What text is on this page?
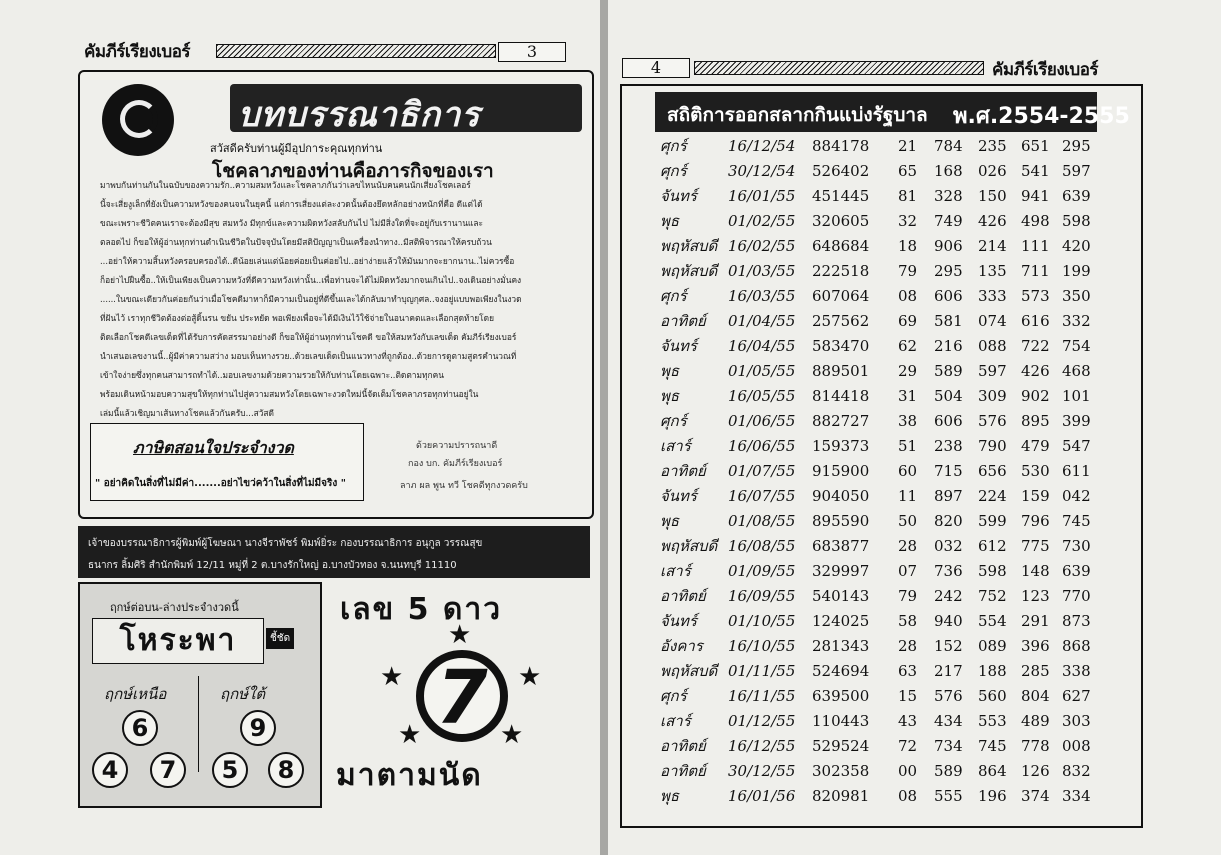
คัมภีร์เรียงเบอร์	3
บทบรรณาธิการ
สวัสดีครับท่านผู้มีอุปการะคุณทุกท่าน
โชคลาภของท่านคือภารกิจของเรา
มาพบกันท่านกันในฉบับของความรัก..ความสมหวังและโชคลาภกันว่าเลขไหนนับคนคนนักเสี่ยงโชคเลอร์
นี้จะเสี่ยงูเล็กที่ยังเป็นความหวังของคนจนในยุคนี้ แต่การเสี่ยงแต่ละงวดนั้นต้องยึดหลักอย่างหนักที่คือ ดีแต่ได้
ขณะเพราะชีวิตคนเราจะต้องมีสุข สมหวัง มีทุกข์และความผิดหวังสลับกันไป ไม่มีสิ่งใดที่จะอยู่กับเรานานและ
ตลอดไป ก็ขอให้ผู้อ่านทุกท่านดำเนินชีวิตในปัจจุบันโดยมีสติปัญญาเป็นเครื่องนำทาง..มีสติพิจารณาให้ครบถ้วน
...อย่าให้ความสิ้นหวังครอบครองได้..ดีน้อยเล่นแต่น้อยค่อยเป็นค่อยไป..อย่าง่ายแล้วให้มันมากจะยากนาน..ไม่ควรซื้อ
ก็อย่าไปฝืนซื้อ..ให้เป็นเพียงเป็นความหวังที่ดีความหวังเท่านั้น..เพื่อท่านจะได้ไม่ผิดหวังมากจนเกินไป..จงเดินอย่างมั่นคง
......ในขณะเดียวกันค่อยกันว่าเมื่อโชคดีมาหาก็มีความเป็นอยู่ที่ดีขึ้นและได้กลับมาทำบุญกุศล..จงอยู่แบบพอเพียงในงวด
ที่ฝันไว้ เราทุกชีวิตต้องต่อสู้ดิ้นรน ขยัน ประหยัด พอเพียงเพื่อจะได้มีเงินไว้ใช้จ่ายในอนาคตและเลือกสุดท้ายโดย
ติดเลือกโชคดีเลขเด็ดที่ได้รับการคัดสรรมาอย่างดี ก็ขอให้ผู้อ่านทุกท่านโชคดี ขอให้สมหวังกับเลขเด็ด คัมภีร์เรียงเบอร์
นำเสนอเลขงานนี้..ผู้มีค่าความสว่าง มอบเห็นทางรวย..ด้วยเลขเด็ดเป็นแนวทางที่ถูกต้อง..ด้วยการดูตามสูตรคำนวณที่
เข้าใจง่ายซึ่งทุกคนสามารถทำได้..มอบเลขงามด้วยความรวยให้กับท่านโดยเฉพาะ..ติดตามทุกคน
พร้อมเดินหน้ามอบความสุขให้ทุกท่านไปสู่ความสมหวังโดยเฉพาะงวดใหม่นี้จัดเต็มโชคลาภรอทุกท่านอยู่ใน
เล่มนี้แล้วเชิญมาเส้นทางโชคแล้วกันครับ...สวัสดี
ภาษิตสอนใจประจำงวด
" อย่าคิดในสิ่งที่ไม่มีค่า.......อย่าไขว่คว้าในสิ่งที่ไม่มีจริง "
ด้วยความปรารถนาดี
กอง บก. คัมภีร์เรียงเบอร์
ลาภ ผล พูน ทวี โชคดีทุกงวดครับ
เจ้าของบรรณาธิการผู้พิมพ์ผู้โฆษณา นางจีราพัชร์ พิมพ์ยิ่ระ กองบรรณาธิการ อนุกูล วรรณสุข
ธนากร ลิ้มศิริ สำนักพิมพ์ 12/11 หมู่ที่ 2 ต.บางรักใหญ่ อ.บางบัวทอง จ.นนทบุรี 11110
ฤกษ์ต่อบน-ล่างประจำงวดนี้
โหระพา	ชี้ชัด
ฤกษ์เหนือ	ฤกษ์ใต้
6
4	7
9
5	8
เลข 5 ดาว
★
★	★
★	★
7
มาตามนัด
4	คัมภีร์เรียงเบอร์
สถิติการออกสลากกินแบ่งรัฐบาล พ.ศ.2554-2555
ศุกร์	16/12/54 884178 21 784 235 651 295
ศุกร์	30/12/54 526402 65 168 026 541 597
จันทร์ 16/01/55 451445 81 328 150 941 639
พุธ	01/02/55 320605 32 749 426 498 598
พฤหัสบดี 16/02/55 648684 18 906 214 111 420
พฤหัสบดี 01/03/55 222518 79 295 135 711 199
ศุกร์	16/03/55 607064 08 606 333 573 350
อาทิตย์ 01/04/55 257562 69 581 074 616 332
จันทร์ 16/04/55 583470 62 216 088 722 754
พุธ	01/05/55 889501 29 589 597 426 468
พุธ	16/05/55 814418 31 504 309 902 101
ศุกร์	01/06/55 882727 38 606 576 895 399
เสาร์ 16/06/55 159373 51 238 790 479 547
อาทิตย์ 01/07/55 915900 60 715 656 530 611
จันทร์ 16/07/55 904050 11 897 224 159 042
พุธ	01/08/55 895590 50 820 599 796 745
พฤหัสบดี 16/08/55 683877 28 032 612 775 730
เสาร์ 01/09/55 329997 07 736 598 148 639
อาทิตย์ 16/09/55 540143 79 242 752 123 770
จันทร์ 01/10/55 124025 58 940 554 291 873
อังคาร 16/10/55 281343 28 152 089 396 868
พฤหัสบดี 01/11/55 524694 63 217 188 285 338
ศุกร์	16/11/55 639500 15 576 560 804 627
เสาร์ 01/12/55 110443 43 434 553 489 303
อาทิตย์ 16/12/55 529524 72 734 745 778 008
อาทิตย์ 30/12/55 302358 00 589 864 126 832
พุธ	16/01/56 820981 08 555 196 374 334
